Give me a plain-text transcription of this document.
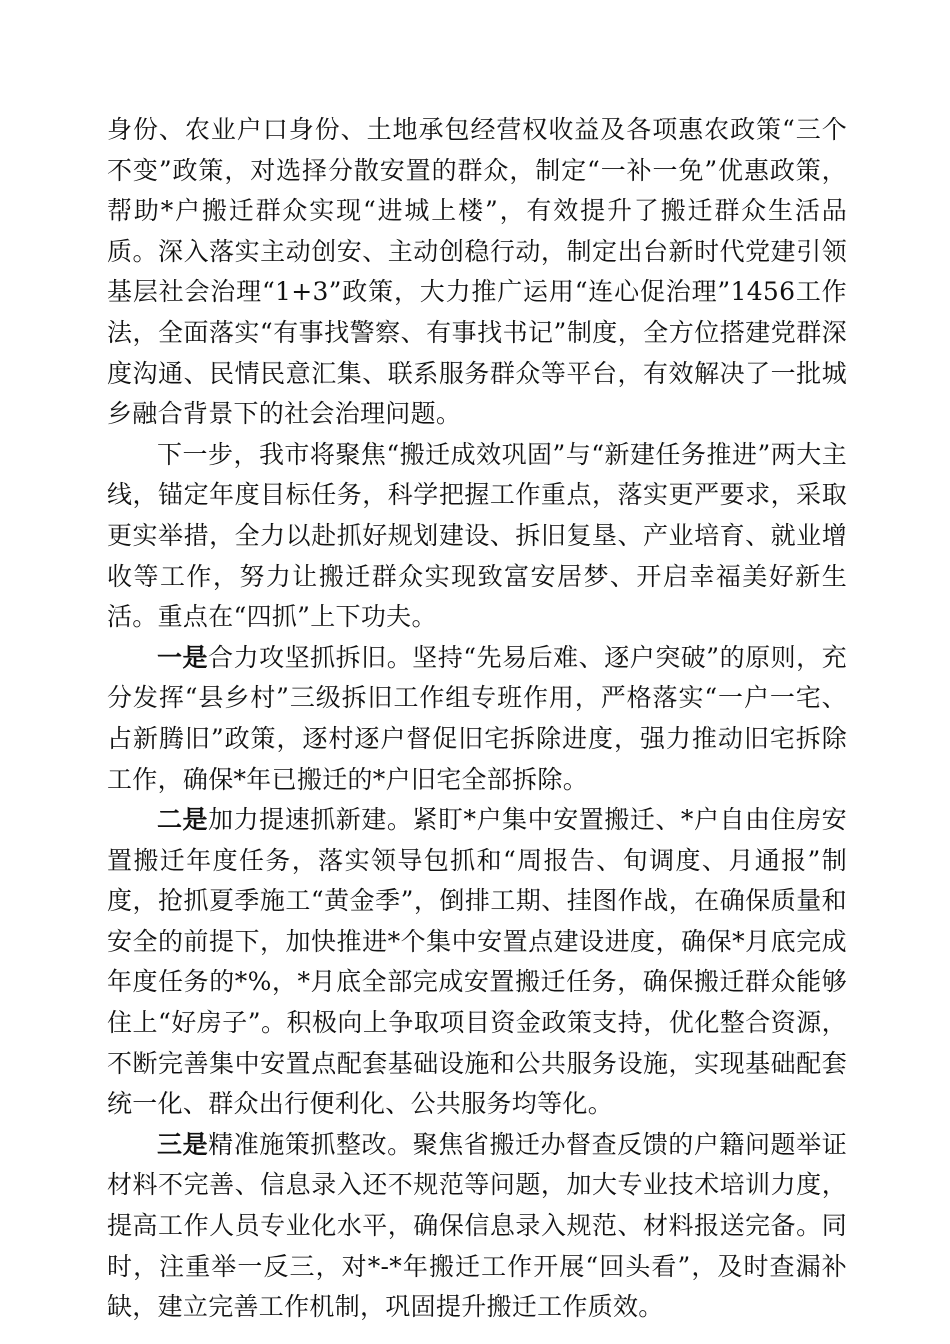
身份、农业户口身份、土地承包经营权收益及各项惠农政策“三个不变”政策，对选择分散安置的群众，制定“一补一免”优惠政策，帮助*户搬迁群众实现“进城上楼”，有效提升了搬迁群众生活品质。深入落实主动创安、主动创稳行动，制定出台新时代党建引领基层社会治理“1+3”政策，大力推广运用“连心促治理”1456工作法，全面落实“有事找警察、有事找书记”制度，全方位搭建党群深度沟通、民情民意汇集、联系服务群众等平台，有效解决了一批城乡融合背景下的社会治理问题。

下一步，我市将聚焦“搬迁成效巩固”与“新建任务推进”两大主线，锚定年度目标任务，科学把握工作重点，落实更严要求，采取更实举措，全力以赴抓好规划建设、拆旧复垦、产业培育、就业增收等工作，努力让搬迁群众实现致富安居梦、开启幸福美好新生活。重点在“四抓”上下功夫。

一是合力攻坚抓拆旧。坚持“先易后难、逐户突破”的原则，充分发挥“县乡村”三级拆旧工作组专班作用，严格落实“一户一宅、占新腾旧”政策，逐村逐户督促旧宅拆除进度，强力推动旧宅拆除工作，确保*年已搬迁的*户旧宅全部拆除。

二是加力提速抓新建。紧盯*户集中安置搬迁、*户自由住房安置搬迁年度任务，落实领导包抓和“周报告、旬调度、月通报”制度，抢抓夏季施工“黄金季”，倒排工期、挂图作战，在确保质量和安全的前提下，加快推进*个集中安置点建设进度，确保*月底完成年度任务的*%，*月底全部完成安置搬迁任务，确保搬迁群众能够住上“好房子”。积极向上争取项目资金政策支持，优化整合资源，不断完善集中安置点配套基础设施和公共服务设施，实现基础配套统一化、群众出行便利化、公共服务均等化。

三是精准施策抓整改。聚焦省搬迁办督查反馈的户籍问题举证材料不完善、信息录入还不规范等问题，加大专业技术培训力度，提高工作人员专业化水平，确保信息录入规范、材料报送完备。同时，注重举一反三，对*-*年搬迁工作开展“回头看”，及时查漏补缺，建立完善工作机制，巩固提升搬迁工作质效。
